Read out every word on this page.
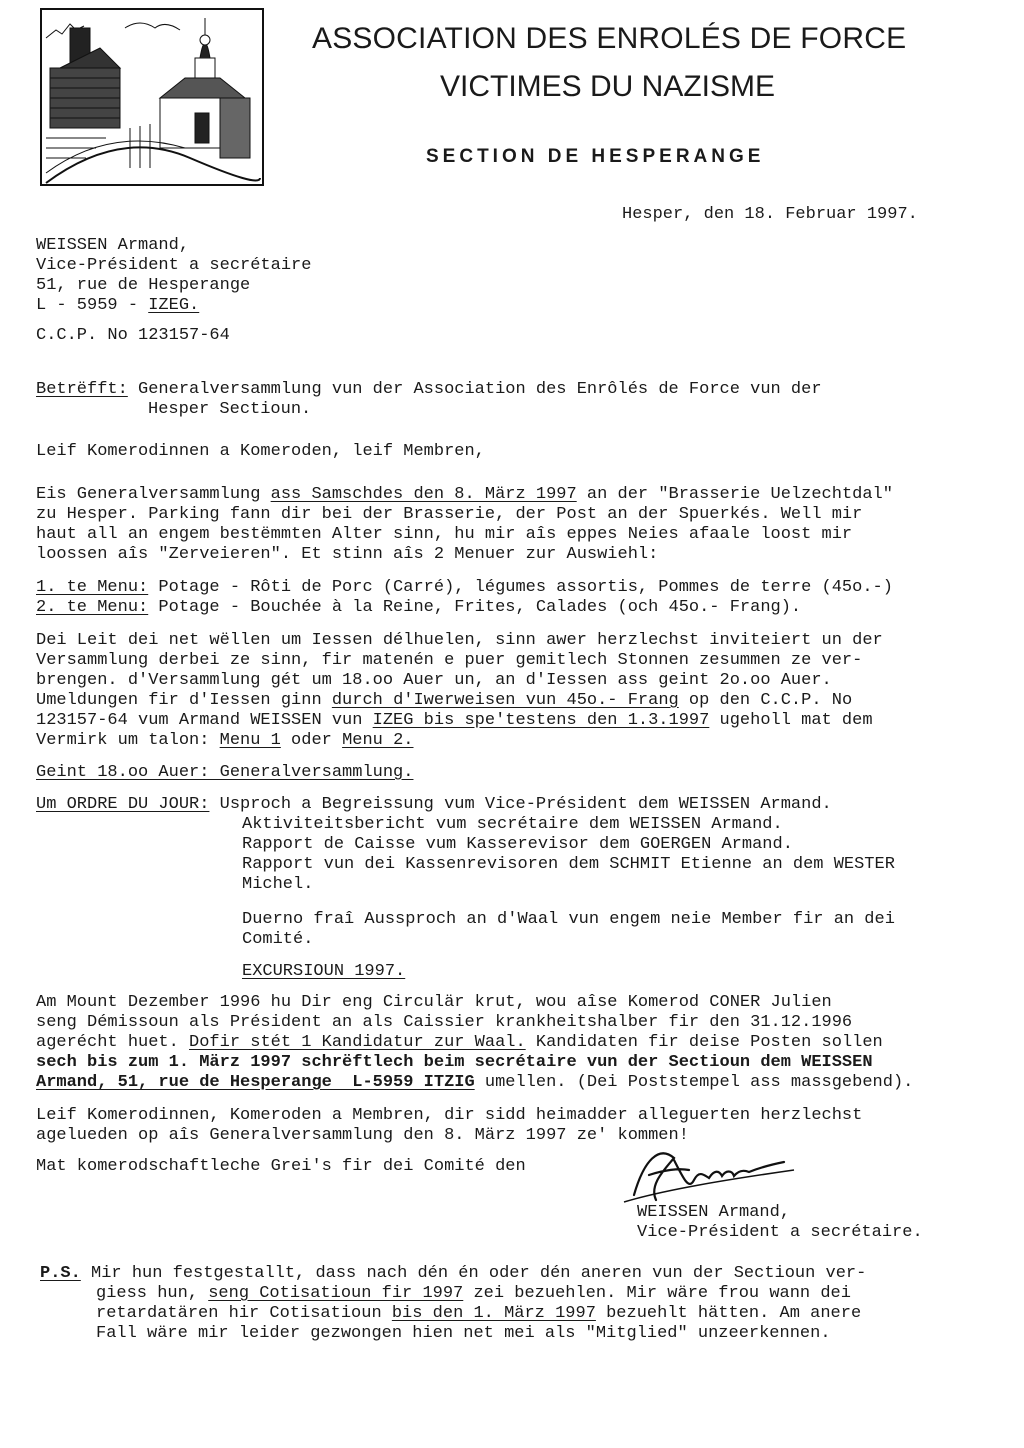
ASSOCIATION DES ENROLÉS DE FORCE
VICTIMES DU NAZISME
SECTION DE HESPERANGE
Hesper, den 18. Februar 1997.
WEISSEN Armand,
Vice-Président a secrétaire
51, rue de Hesperange
L - 5959 - IZEG.
C.C.P. No 123157-64
Betrëfft: Generalversammlung vun der Association des Enrôlés de Force vun der
Hesper Sectioun.
Leif Komerodinnen a Komeroden, leif Membren,
Eis Generalversammlung ass Samschdes den 8. März 1997 an der "Brasserie Uelzechtdal"
zu Hesper. Parking fann dir bei der Brasserie, der Post an der Spuerkés. Well mir
haut all an engem bestëmmten Alter sinn, hu mir aîs eppes Neies afaale loost mir
loossen aîs "Zerveieren". Et stinn aîs 2 Menuer zur Auswiehl:
1. te Menu: Potage - Rôti de Porc (Carré), légumes assortis, Pommes de terre (45o.-)
2. te Menu: Potage - Bouchée à la Reine, Frites, Calades (och 45o.- Frang).
Dei Leit dei net wëllen um Iessen délhuelen, sinn awer herzlechst inviteiert un der
Versammlung derbei ze sinn, fir matenén e puer gemitlech Stonnen zesummen ze ver-
brengen. d'Versammlung gét um 18.oo Auer un, an d'Iessen ass geint 2o.oo Auer.
Umeldungen fir d'Iessen ginn durch d'Iwerweisen vun 45o.- Frang op den C.C.P. No
123157-64 vum Armand WEISSEN vun IZEG bis spe'testens den 1.3.1997 ugeholl mat dem
Vermirk um talon: Menu 1 oder Menu 2.
Geint 18.oo Auer: Generalversammlung.
Um ORDRE DU JOUR: Usproch a Begreissung vum Vice-Président dem WEISSEN Armand.
Aktiviteitsbericht vum secrétaire dem WEISSEN Armand.
Rapport de Caisse vum Kasserevisor dem GOERGEN Armand.
Rapport vun dei Kassenrevisoren dem SCHMIT Etienne an dem WESTER
Michel.
Duerno fraî Aussproch an d'Waal vun engem neie Member fir an dei
Comité.
EXCURSIOUN 1997.
Am Mount Dezember 1996 hu Dir eng Circulär krut, wou aîse Komerod CONER Julien
seng Démissoun als Président an als Caissier krankheitshalber fir den 31.12.1996
agerécht huet. Dofir stét 1 Kandidatur zur Waal. Kandidaten fir deise Posten sollen
sech bis zum 1. März 1997 schrëftlech beim secrétaire vun der Sectioun dem WEISSEN
Armand, 51, rue de Hesperange  L-5959 ITZIG umellen. (Dei Poststempel ass massgebend).
Leif Komerodinnen, Komeroden a Membren, dir sidd heimadder alleguerten herzlechst
agelueden op aîs Generalversammlung den 8. März 1997 ze' kommen!
Mat komerodschaftleche Grei's fir dei Comité den
WEISSEN Armand,
Vice-Président a secrétaire.
P.S. Mir hun festgestallt, dass nach dén én oder dén aneren vun der Sectioun ver-
giess hun, seng Cotisatioun fir 1997 zei bezuehlen. Mir wäre frou wann dei
retardatären hir Cotisatioun bis den 1. März 1997 bezuehlt hätten. Am anere
Fall wäre mir leider gezwongen hien net mei als "Mitglied" unzeerkennen.
